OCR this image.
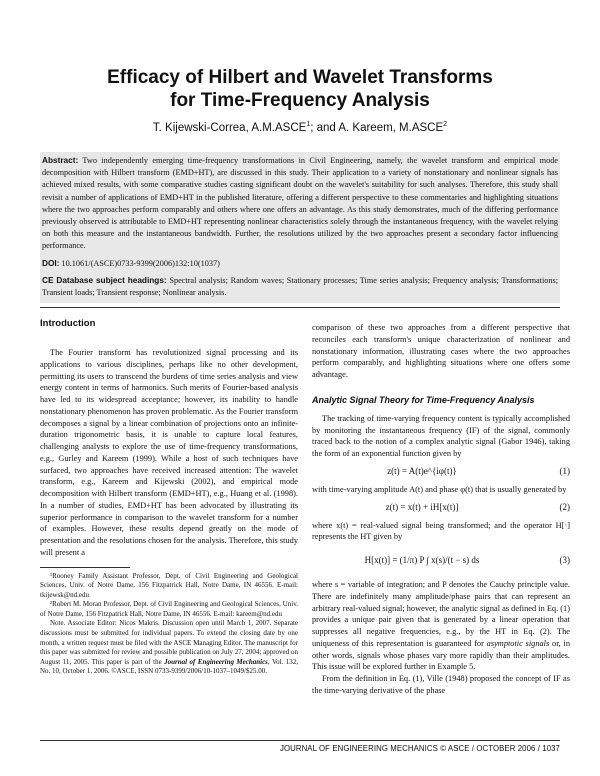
Efficacy of Hilbert and Wavelet Transforms
for Time-Frequency Analysis
T. Kijewski-Correa, A.M.ASCE$^1$; and A. Kareem, M.ASCE$^2$

Abstract: Two independently emerging time-frequency transformations in Civil Engineering, namely, the wavelet transform and empirical mode decomposition with Hilbert transform (EMD+HT), are discussed in this study. Their application to a variety of nonstationary and nonlinear signals has achieved mixed results, with some comparative studies casting significant doubt on the wavelet's suitability for such analyses. Therefore, this study shall revisit a number of applications of EMD+HT in the published literature, offering a different perspective to these commentaries and highlighting situations where the two approaches perform comparably and others where one offers an advantage. As this study demonstrates, much of the differing performance previously observed is attributable to EMD+HT representing nonlinear characteristics solely through the instantaneous frequency, with the wavelet relying on both this measure and the instantaneous bandwidth. Further, the resolutions utilized by the two approaches present a secondary factor influencing performance.

DOI: 10.1061/(ASCE)0733-9399(2006)132:10(1037)

CE Database subject headings: Spectral analysis; Random waves; Stationary processes; Time series analysis; Frequency analysis; Transformations; Transient loads; Transient response; Nonlinear analysis.

Introduction

The Fourier transform has revolutionized signal processing and its applications to various disciplines, perhaps like no other development, permitting its users to transcend the burdens of time series analysis and view energy content in terms of harmonics. Such merits of Fourier-based analysis have led to its widespread acceptance; however, its inability to handle nonstationary phenomenon has proven problematic. As the Fourier transform decomposes a signal by a linear combination of projections onto an infinite-duration trigonometric basis, it is unable to capture local features, challenging analysts to explore the use of time-frequency transformations, e.g., Gurley and Kareem (1999). While a host of such techniques have surfaced, two approaches have received increased attention: The wavelet transform, e.g., Kareem and Kijewski (2002), and empirical mode decomposition with Hilbert transform (EMD+HT), e.g., Huang et al. (1998). In a number of studies, EMD+HT has been advocated by illustrating its superior performance in comparison to the wavelet transform for a number of examples. However, these results depend greatly on the mode of presentation and the resolutions chosen for the analysis. Therefore, this study will present a

¹Rooney Family Assistant Professor, Dept. of Civil Engineering and Geological Sciences, Univ. of Notre Dame, 156 Fitzpatrick Hall, Notre Dame, IN 46556. E-mail: tkijewsk@nd.edu

²Robert M. Moran Professor, Dept. of Civil Engineering and Geological Sciences, Univ. of Notre Dame, 156 Fitzpatrick Hall, Notre Dame, IN 46556. E-mail: kareem@nd.edu

Note. Associate Editor: Nicos Makris. Discussion open until March 1, 2007. Separate discussions must be submitted for individual papers. To extend the closing date by one month, a written request must be filed with the ASCE Managing Editor. The manuscript for this paper was submitted for review and possible publication on July 27, 2004; approved on August 11, 2005. This paper is part of the Journal of Engineering Mechanics, Vol. 132, No. 10, October 1, 2006. ©ASCE, ISSN 0733-9399/2006/10-1037–1049/$25.00.

comparison of these two approaches from a different perspective that reconciles each transform's unique characterization of nonlinear and nonstationary information, illustrating cases where the two approaches perform comparably, and highlighting situations where one offers some advantage.

Analytic Signal Theory for Time-Frequency Analysis

The tracking of time-varying frequency content is typically accomplished by monitoring the instantaneous frequency (IF) of the signal, commonly traced back to the notion of a complex analytic signal (Gabor 1946), taking the form of an exponential function given by

z(t) = A(t)e^{iφ(t)}	(1)

with time-varying amplitude A(t) and phase φ(t) that is usually generated by

z(t) = x(t) + iH[x(t)]	(2)

where x(t) = real-valued signal being transformed; and the operator H[·] represents the HT given by

H[x(t)] = (1/π) P ∫ x(s)/(t − s) ds	(3)

where s = variable of integration; and P denotes the Cauchy principle value. There are indefinitely many amplitude/phase pairs that can represent an arbitrary real-valued signal; however, the analytic signal as defined in Eq. (1) provides a unique pair given that is generated by a linear operation that suppresses all negative frequencies, e.g., by the HT in Eq. (2). The uniqueness of this representation is guaranteed for asymptotic signals or, in other words, signals whose phases vary more rapidly than their amplitudes. This issue will be explored further in Example 5.

From the definition in Eq. (1), Ville (1948) proposed the concept of IF as the time-varying derivative of the phase

JOURNAL OF ENGINEERING MECHANICS © ASCE / OCTOBER 2006 / 1037
